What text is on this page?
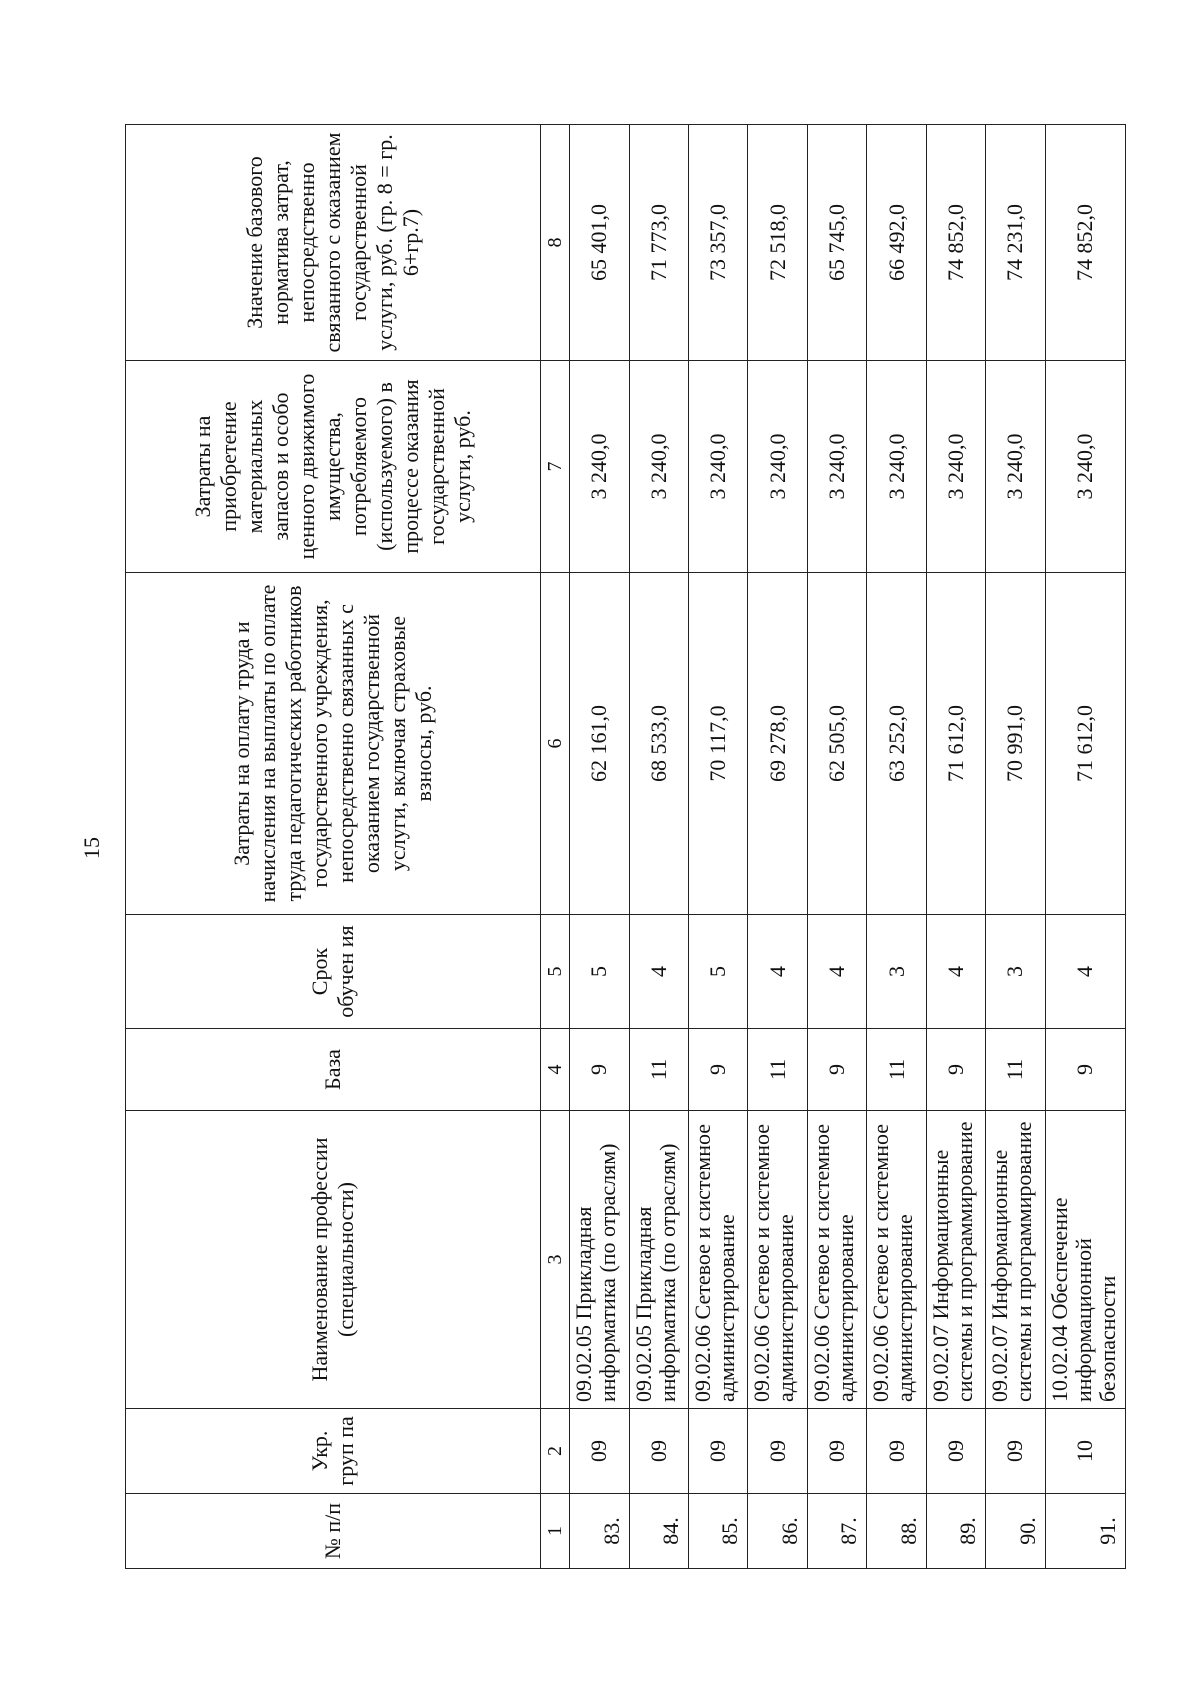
15
№ п/п	Укр. груп па	Наименование профессии (специальности)	База	Срок обучен ия	Затраты на оплату труда и начисления на выплаты по оплате труда педагогических работников государственного учреждения, непосредственно связанных с оказанием государственной услуги, включая страховые взносы, руб.	Затраты на приобретение материальных запасов и особо ценного движимого имущества, потребляемого (используемого) в процессе оказания государственной услуги, руб.	Значение базового норматива затрат, непосредственно связанного с оказанием государственной услуги, руб. (гр. 8 = гр. 6+гр.7)
1	2	3	4	5	6	7	8
83.	09	09.02.05 Прикладная информатика (по отраслям)	9	5	62 161,0	3 240,0	65 401,0
84.	09	09.02.05 Прикладная информатика (по отраслям)	11	4	68 533,0	3 240,0	71 773,0
85.	09	09.02.06 Сетевое и системное администрирование	9	5	70 117,0	3 240,0	73 357,0
86.	09	09.02.06 Сетевое и системное администрирование	11	4	69 278,0	3 240,0	72 518,0
87.	09	09.02.06 Сетевое и системное администрирование	9	4	62 505,0	3 240,0	65 745,0
88.	09	09.02.06 Сетевое и системное администрирование	11	3	63 252,0	3 240,0	66 492,0
89.	09	09.02.07 Информационные системы и программирование	9	4	71 612,0	3 240,0	74 852,0
90.	09	09.02.07 Информационные системы и программирование	11	3	70 991,0	3 240,0	74 231,0
91.	10	10.02.04 Обеспечение информационной безопасности	9	4	71 612,0	3 240,0	74 852,0
